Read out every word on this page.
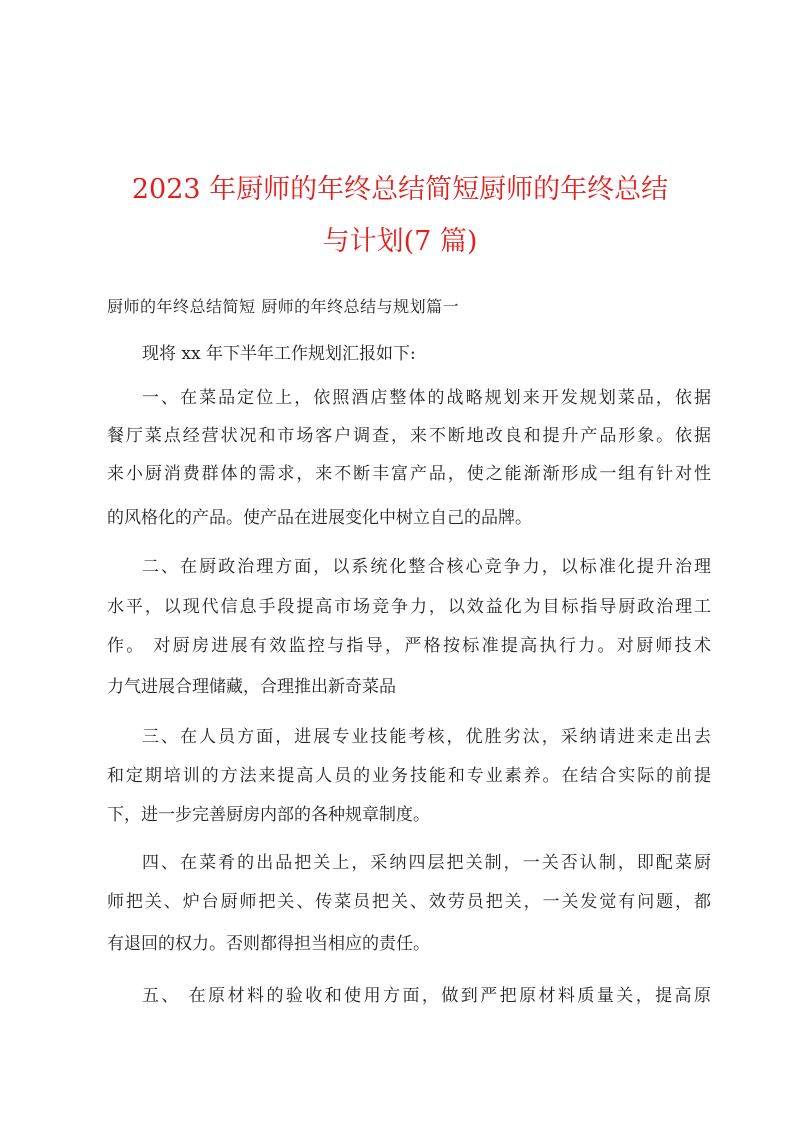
2023 年厨师的年终总结简短厨师的年终总结
与计划(7 篇)
厨师的年终总结简短 厨师的年终总结与规划篇一
现将 xx 年下半年工作规划汇报如下:
一、在菜品定位上，依照酒店整体的战略规划来开发规划菜品，依据
餐厅菜点经营状况和市场客户调查，来不断地改良和提升产品形象。依据
来小厨消费群体的需求，来不断丰富产品，使之能渐渐形成一组有针对性
的风格化的产品。使产品在进展变化中树立自己的品牌。
二、在厨政治理方面，以系统化整合核心竞争力，以标准化提升治理
水平，以现代信息手段提高市场竞争力，以效益化为目标指导厨政治理工
作。 对厨房进展有效监控与指导，严格按标准提高执行力。对厨师技术
力气进展合理储藏，合理推出新奇菜品
三、在人员方面，进展专业技能考核，优胜劣汰，采纳请进来走出去
和定期培训的方法来提高人员的业务技能和专业素养。在结合实际的前提
下，进一步完善厨房内部的各种规章制度。
四、在菜肴的出品把关上，采纳四层把关制，一关否认制，即配菜厨
师把关、炉台厨师把关、传菜员把关、效劳员把关，一关发觉有问题，都
有退回的权力。否则都得担当相应的责任。
五、 在原材料的验收和使用方面，做到严把原材料质量关，提高原
